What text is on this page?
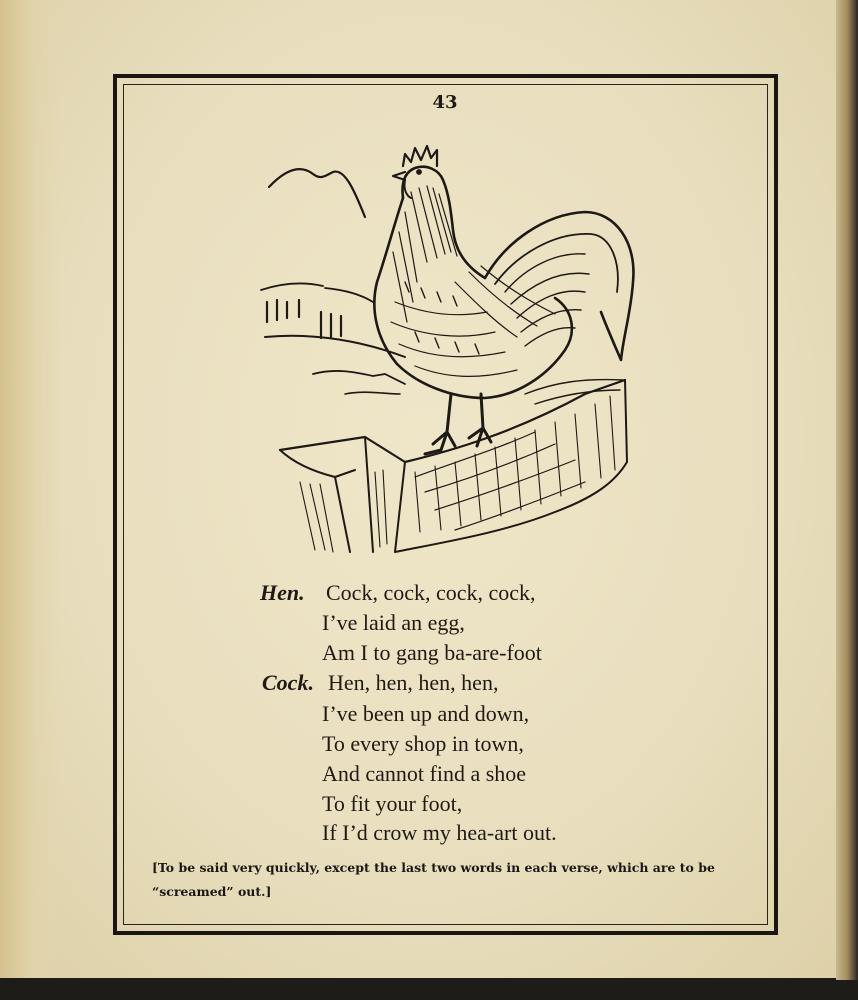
43
Hen. Cock, cock, cock, cock,
I’ve laid an egg,
Am I to gang ba-are-foot
Cock. Hen, hen, hen, hen,
I’ve been up and down,
To every shop in town,
And cannot find a shoe
To fit your foot,
If I’d crow my hea-art out.
[To be said very quickly, except the last two words in each verse, which are to be “screamed” out.]
